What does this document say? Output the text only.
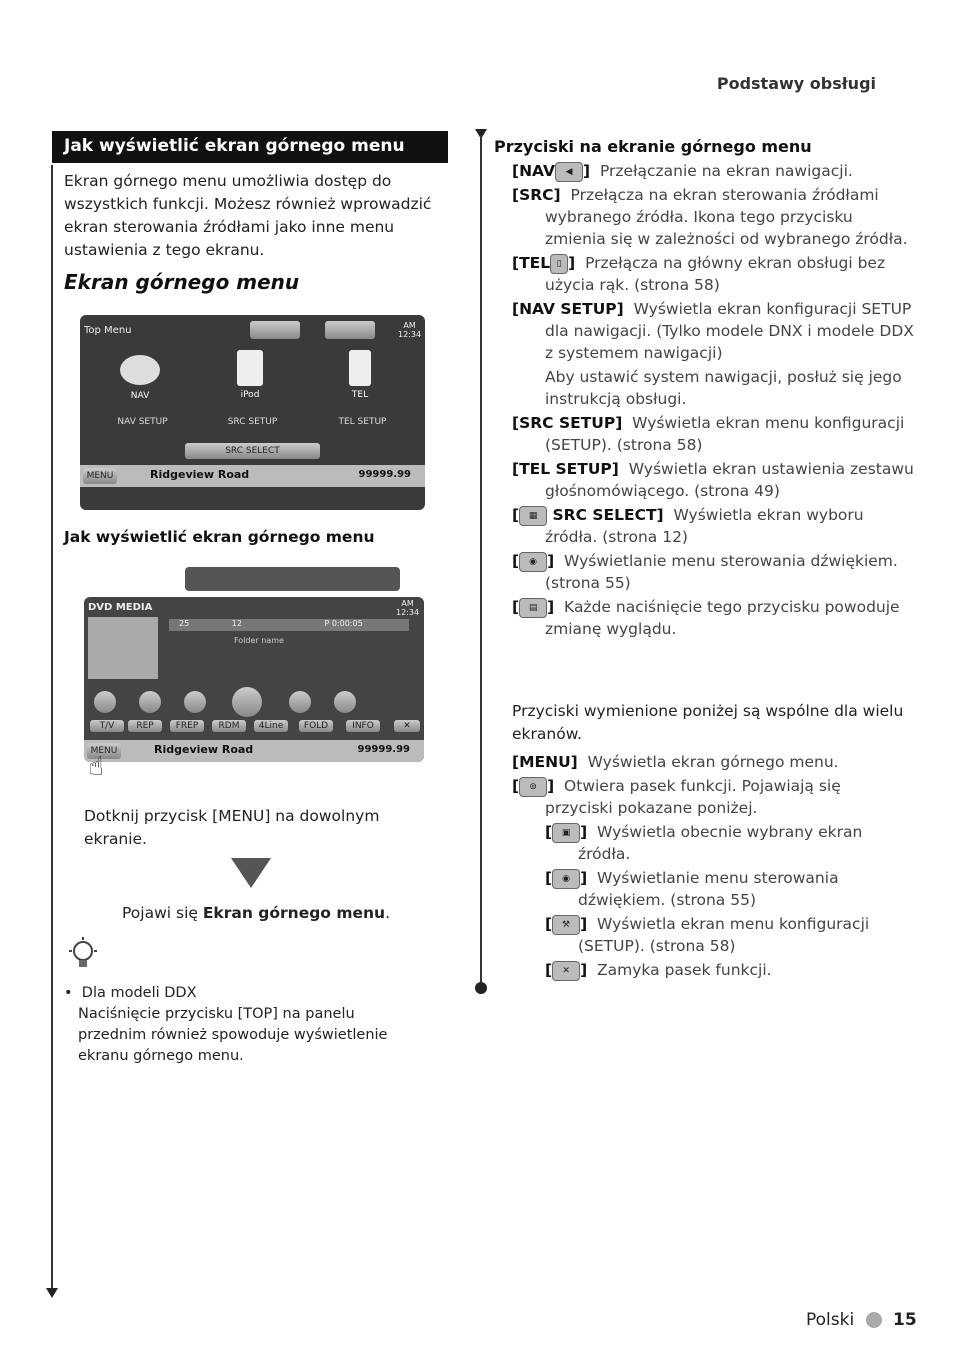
Podstawy obsługi
Jak wyświetlić ekran górnego menu
Ekran górnego menu umożliwia dostęp do wszystkich funkcji. Możesz również wprowadzić ekran sterowania źródłami jako inne menu ustawienia z tego ekranu.
Ekran górnego menu
Top Menu	AM
12:34
NAV	iPod	TEL
NAV SETUP	SRC SETUP	TEL SETUP
SRC SELECT
MENU	Ridgeview Road	99999.99
Jak wyświetlić ekran górnego menu
DVD MEDIA	AM
12:34
25	12	P 0:00:05
Folder name
T/V	REP	FREP	RDM	4Line	FOLD	INFO	✕
MENU	Ridgeview Road	99999.99
☝
Dotknij przycisk [MENU] na dowolnym ekranie.
Pojawi się Ekran górnego menu.
•  Dla modeli DDX
Naciśnięcie przycisku [TOP] na panelu przednim również spowoduje wyświetlenie ekranu górnego menu.
Przyciski na ekranie górnego menu
[NAV ◀ ] Przełączanie na ekran nawigacji.
[SRC] Przełącza na ekran sterowania źródłami wybranego źródła. Ikona tego przycisku zmienia się w zależności od wybranego źródła.
[TEL ▯ ] Przełącza na główny ekran obsługi bez użycia rąk. (strona 58)
[NAV SETUP] Wyświetla ekran konfiguracji SETUP dla nawigacji. (Tylko modele DNX i modele DDX z systemem nawigacji)
Aby ustawić system nawigacji, posłuż się jego instrukcją obsługi.
[SRC SETUP] Wyświetla ekran menu konfiguracji (SETUP). (strona 58)
[TEL SETUP] Wyświetla ekran ustawienia zestawu głośnomówiącego. (strona 49)
[ ▦ SRC SELECT] Wyświetla ekran wyboru źródła. (strona 12)
[ ◉ ] Wyświetlanie menu sterowania dźwiękiem. (strona 55)
[ ▤ ] Każde naciśnięcie tego przycisku powoduje zmianę wyglądu.
Przyciski wymienione poniżej są wspólne dla wielu ekranów.
[MENU] Wyświetla ekran górnego menu.
[ ⊚ ] Otwiera pasek funkcji. Pojawiają się przyciski pokazane poniżej.
[ ▣ ] Wyświetla obecnie wybrany ekran źródła.
[ ◉ ] Wyświetlanie menu sterowania dźwiękiem. (strona 55)
[ ⚒ ] Wyświetla ekran menu konfiguracji (SETUP). (strona 58)
[ ✕ ] Zamyka pasek funkcji.
Polski 15
